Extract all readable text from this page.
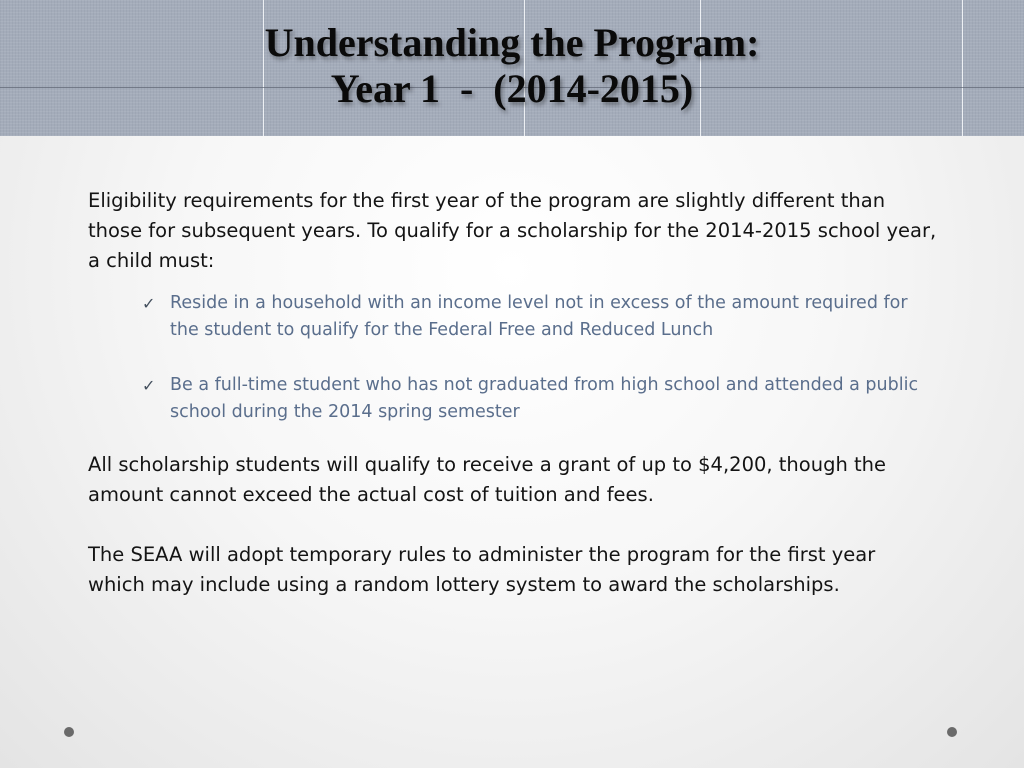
Understanding the Program:
Year 1  -  (2014-2015)

Eligibility requirements for the first year of the program are slightly different than those for subsequent years. To qualify for a scholarship for the 2014-2015 school year, a child must:

✓ Reside in a household with an income level not in excess of the amount required for the student to qualify for the Federal Free and Reduced Lunch
✓ Be a full-time student who has not graduated from high school and attended a public school during the 2014 spring semester

All scholarship students will qualify to receive a grant of up to $4,200, though the amount cannot exceed the actual cost of tuition and fees.

The SEAA will adopt temporary rules to administer the program for the first year which may include using a random lottery system to award the scholarships.
